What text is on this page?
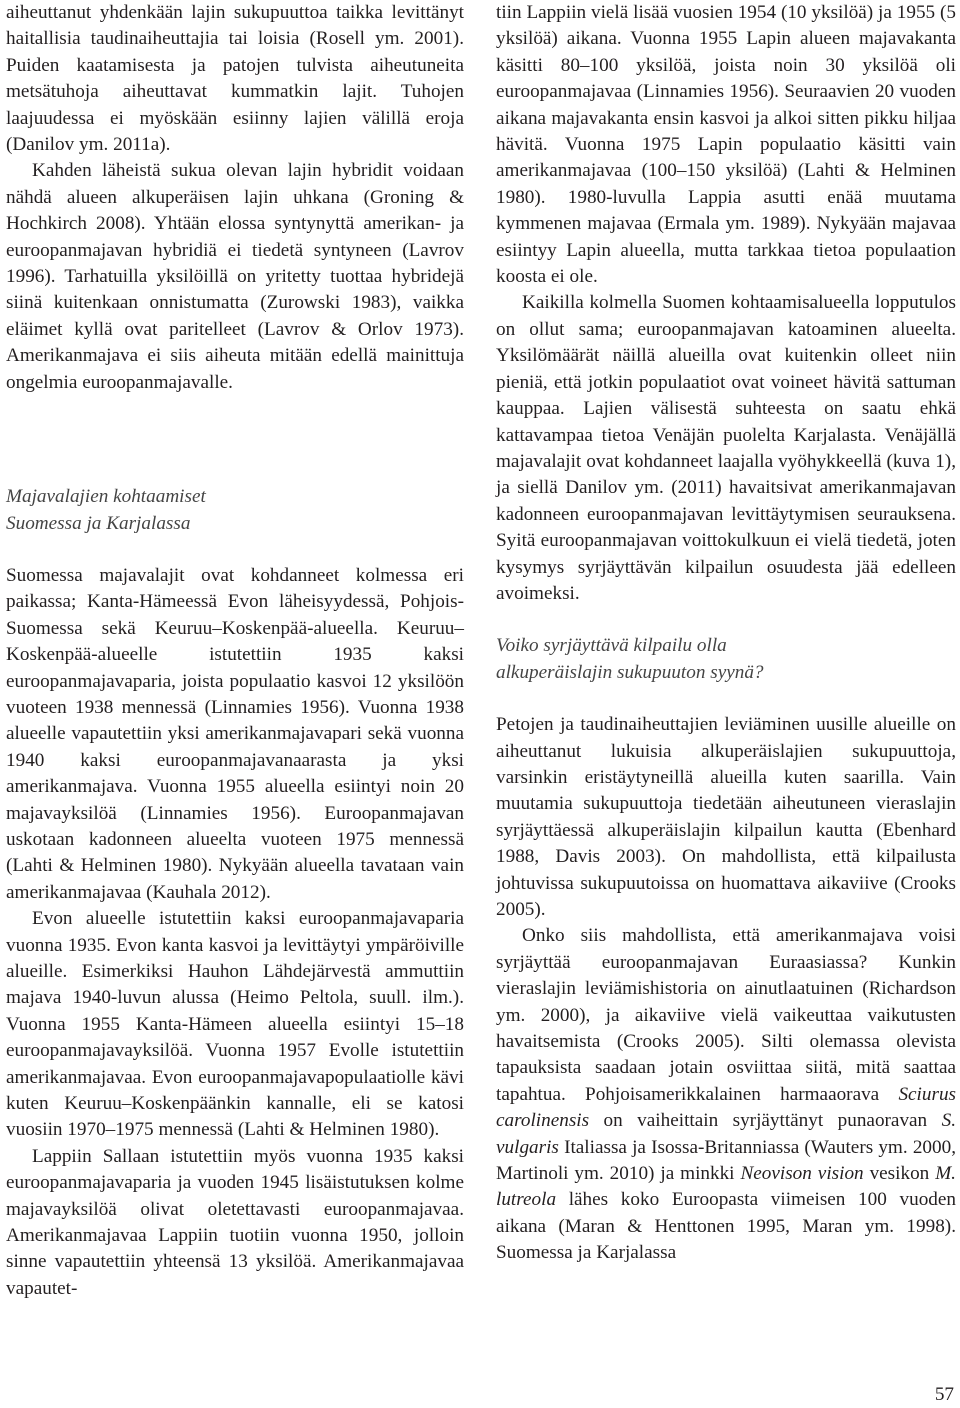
aiheuttanut yhdenkään lajin sukupuuttoa taikka levittänyt haitallisia taudinaiheuttajia tai loisia (Rosell ym. 2001). Puiden kaatamisesta ja patojen tulvista aiheutuneita metsätuhoja aiheuttavat kummatkin lajit. Tuhojen laajuudessa ei myöskään esiinny lajien välillä eroja (Danilov ym. 2011a).

Kahden läheistä sukua olevan lajin hybridit voidaan nähdä alueen alkuperäisen lajin uhkana (Groning & Hochkirch 2008). Yhtään elossa syntynyttä amerikan- ja euroopanmajavan hybridiä ei tiedetä syntyneen (Lavrov 1996). Tarhatuilla yksilöillä on yritetty tuottaa hybridejä siinä kuitenkaan onnistumatta (Zurowski 1983), vaikka eläimet kyllä ovat paritelleet (Lavrov & Orlov 1973). Amerikanmajava ei siis aiheuta mitään edellä mainittuja ongelmia euroopanmajavalle.

Majavalajien kohtaamiset
Suomessa ja Karjalassa

Suomessa majavalajit ovat kohdanneet kolmessa eri paikassa; Kanta-Hämeessä Evon läheisyydessä, Pohjois-Suomessa sekä Keuruu–Koskenpää-alueella. Keuruu–Koskenpää-alueelle istutettiin 1935 kaksi euroopanmajavaparia, joista populaatio kasvoi 12 yksilöön vuoteen 1938 mennessä (Linnamies 1956). Vuonna 1938 alueelle vapautettiin yksi amerikanmajavapari sekä vuonna 1940 kaksi euroopanmajavanaarasta ja yksi amerikanmajava. Vuonna 1955 alueella esiintyi noin 20 majavayksilöä (Linnamies 1956). Euroopanmajavan uskotaan kadonneen alueelta vuoteen 1975 mennessä (Lahti & Helminen 1980). Nykyään alueella tavataan vain amerikanmajavaa (Kauhala 2012).

Evon alueelle istutettiin kaksi euroopanmajavaparia vuonna 1935. Evon kanta kasvoi ja levittäytyi ympäröiville alueille. Esimerkiksi Hauhon Lähdejärvestä ammuttiin majava 1940-luvun alussa (Heimo Peltola, suull. ilm.). Vuonna 1955 Kanta-Hämeen alueella esiintyi 15–18 euroopanmajavayksilöä. Vuonna 1957 Evolle istutettiin amerikanmajavaa. Evon euroopanmajavapopulaatiolle kävi kuten Keuruu–Koskenpäänkin kannalle, eli se katosi vuosiin 1970–1975 mennessä (Lahti & Helminen 1980).

Lappiin Sallaan istutettiin myös vuonna 1935 kaksi euroopanmajavaparia ja vuoden 1945 lisäistutuksen kolme majavayksilöä olivat oletettavasti euroopanmajavaa. Amerikanmajavaa Lappiin tuotiin vuonna 1950, jolloin sinne vapautettiin yhteensä 13 yksilöä. Amerikanmajavaa vapautet-

tiin Lappiin vielä lisää vuosien 1954 (10 yksilöä) ja 1955 (5 yksilöä) aikana. Vuonna 1955 Lapin alueen majavakanta käsitti 80–100 yksilöä, joista noin 30 yksilöä oli euroopanmajavaa (Linnamies 1956). Seuraavien 20 vuoden aikana majavakanta ensin kasvoi ja alkoi sitten pikku hiljaa hävitä. Vuonna 1975 Lapin populaatio käsitti vain amerikanmajavaa (100–150 yksilöä) (Lahti & Helminen 1980). 1980-luvulla Lappia asutti enää muutama kymmenen majavaa (Ermala ym. 1989). Nykyään majavaa esiintyy Lapin alueella, mutta tarkkaa tietoa populaation koosta ei ole.

Kaikilla kolmella Suomen kohtaamisalueella lopputulos on ollut sama; euroopanmajavan katoaminen alueelta. Yksilömäärät näillä alueilla ovat kuitenkin olleet niin pieniä, että jotkin populaatiot ovat voineet hävitä sattuman kauppaa. Lajien välisestä suhteesta on saatu ehkä kattavampaa tietoa Venäjän puolelta Karjalasta. Venäjällä majavalajit ovat kohdanneet laajalla vyöhykkeellä (kuva 1), ja siellä Danilov ym. (2011) havaitsivat amerikanmajavan kadonneen euroopanmajavan levittäytymisen seurauksena. Syitä euroopanmajavan voittokulkuun ei vielä tiedetä, joten kysymys syrjäyttävän kilpailun osuudesta jää edelleen avoimeksi.

Voiko syrjäyttävä kilpailu olla
alkuperäislajin sukupuuton syynä?

Petojen ja taudinaiheuttajien leviäminen uusille alueille on aiheuttanut lukuisia alkuperäislajien sukupuuttoja, varsinkin eristäytyneillä alueilla kuten saarilla. Vain muutamia sukupuuttoja tiedetään aiheutuneen vieraslajin syrjäyttäessä alkuperäislajin kilpailun kautta (Ebenhard 1988, Davis 2003). On mahdollista, että kilpailusta johtuvissa sukupuutoissa on huomattava aikaviive (Crooks 2005).

Onko siis mahdollista, että amerikanmajava voisi syrjäyttää euroopanmajavan Euraasiassa? Kunkin vieraslajin leviämishistoria on ainutlaatuinen (Richardson ym. 2000), ja aikaviive vielä vaikeuttaa vaikutusten havaitsemista (Crooks 2005). Silti olemassa olevista tapauksista saadaan jotain osviittaa siitä, mitä saattaa tapahtua. Pohjoisamerikkalainen harmaaorava Sciurus carolinensis on vaiheittain syrjäyttänyt punaoravan S. vulgaris Italiassa ja Isossa-Britanniassa (Wauters ym. 2000, Martinoli ym. 2010) ja minkki Neovison vision vesikon M. lutreola lähes koko Euroopasta viimeisen 100 vuoden aikana (Maran & Henttonen 1995, Maran ym. 1998). Suomessa ja Karjalassa

57
